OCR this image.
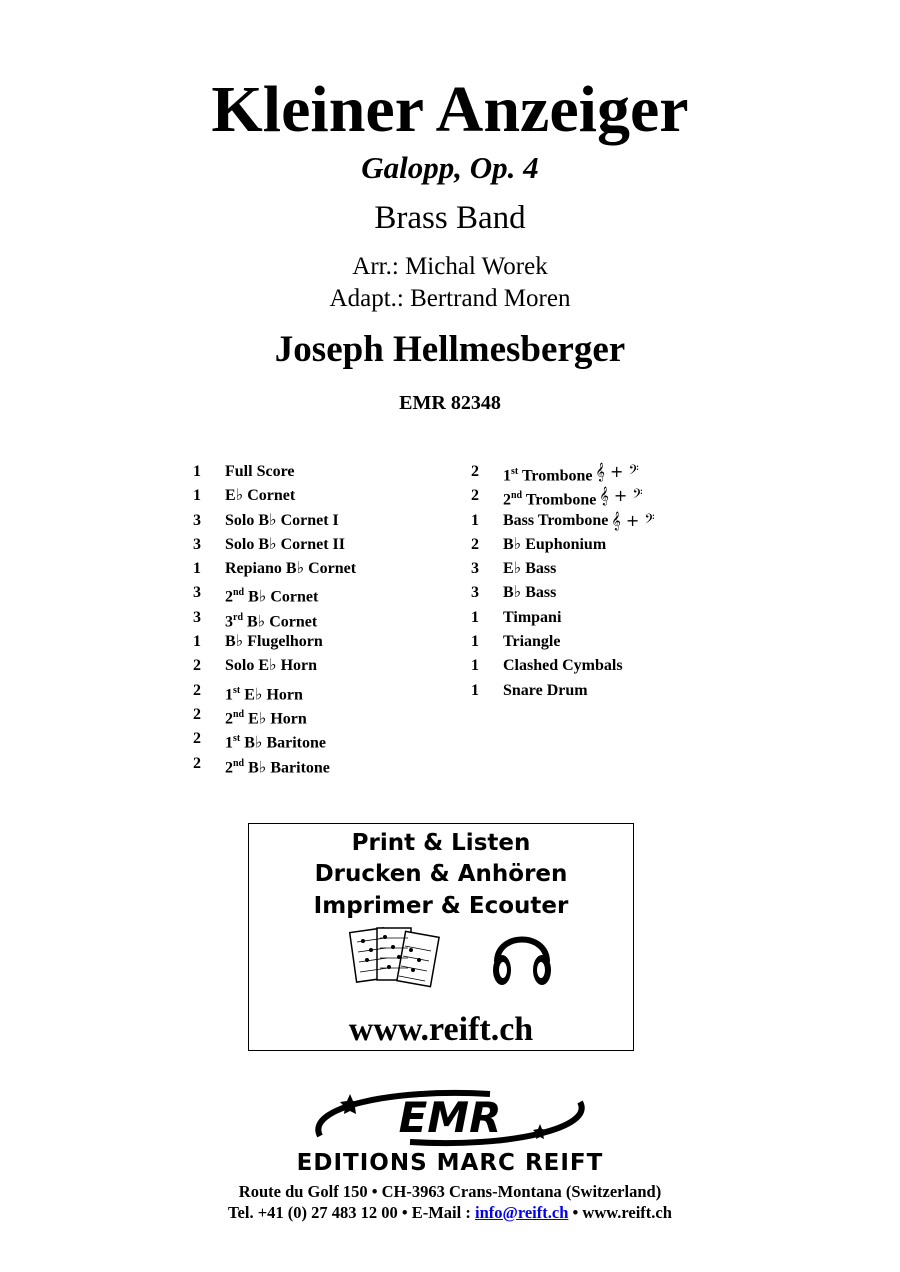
Kleiner Anzeiger
Galopp, Op. 4
Brass Band
Arr.: Michal Worek
Adapt.: Bertrand Moren
Joseph Hellmesberger
EMR 82348
1	Full Score
1	E♭ Cornet
3	Solo B♭ Cornet I
3	Solo B♭ Cornet II
1	Repiano B♭ Cornet
3	2nd B♭ Cornet
3	3rd B♭ Cornet
1	B♭ Flugelhorn
2	Solo E♭ Horn
2	1st E♭ Horn
2	2nd E♭ Horn
2	1st B♭ Baritone
2	2nd B♭ Baritone
2	1st Trombone 𝄞 + 𝄢
2	2nd Trombone 𝄞 + 𝄢
1	Bass Trombone 𝄞 + 𝄢
2	B♭ Euphonium
3	E♭ Bass
3	B♭ Bass
1	Timpani
1	Triangle
1	Clashed Cymbals
1	Snare Drum
Print & Listen
Drucken & Anhören
Imprimer & Ecouter
www.reift.ch
EMR
EDITIONS MARC REIFT
Route du Golf 150 • CH-3963 Crans-Montana (Switzerland)
Tel. +41 (0) 27 483 12 00 • E-Mail : info@reift.ch • www.reift.ch
